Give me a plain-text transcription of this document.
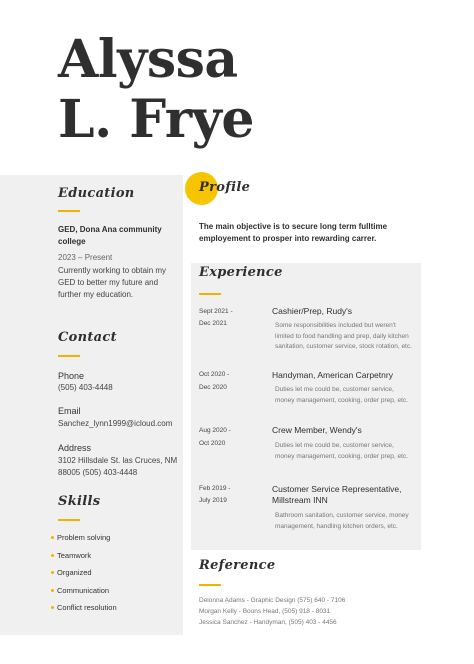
Alyssa
L. Frye
Education
GED, Dona Ana community college
2023 – Present
Currently working to obtain my GED to better my future and further my education.
Contact
Phone
(505) 403-4448
Email
Sanchez_lynn1999@icloud.com
Address
3102 Hillsdale St. las Cruces, NM 88005 (505) 403-4448
Skills
Problem solving
Teamwork
Organized
Communication
Conflict resolution
Profile
The main objective is to secure long term fulltime employement to prosper into rewarding carrer.
Experience
Sept 2021 -
Dec 2021
Cashier/Prep, Rudy's
Some responsibilities included but weren't limited to food handling and prep, daily kitchen sanitation, customer service, stock rotation, etc.
Oct 2020 -
Dec 2020
Handyman, American Carpetnry
Duties let me could be, customer service, money management, cooking, order prep, etc.
Aug 2020 -
Oct 2020
Crew Member, Wendy's
Duties let me could be, customer service, money management, cooking, order prep, etc.
Feb 2019 -
July 2019
Customer Service Representative, Millstream INN
Bathroom sanitation, customer service, money management, handling kitchen orders, etc.
Reference
Delonna Adams - Graphic Design (575) 640 - 7106
Morgan Kelly - Boons Head, (505) 918 - 8031
Jessica Sanchez - Handyman, (505) 403 - 4456
